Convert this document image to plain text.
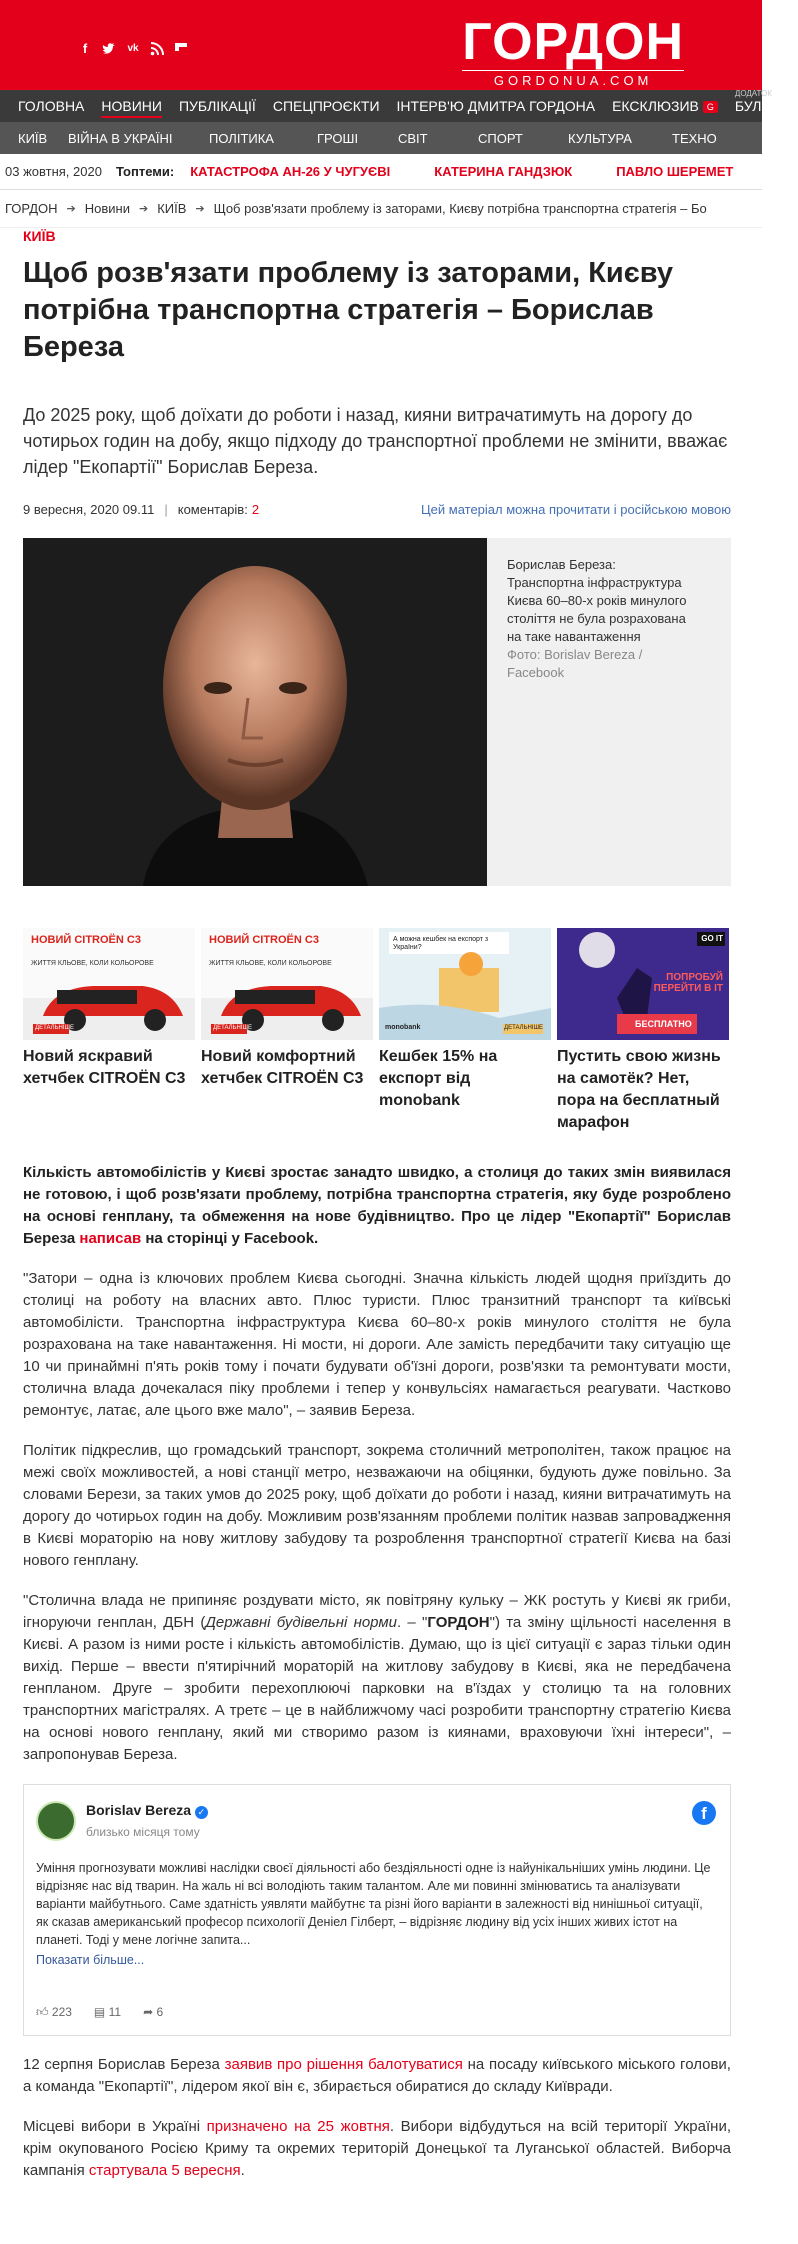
f	vk	ГОРДОН
GORDONUA.COM
ГОЛОВНА НОВИНИ ПУБЛІКАЦІЇ СПЕЦПРОЄКТИ ІНТЕРВ'Ю ДМИТРА ГОРДОНА ЕКСКЛЮЗИВ G
ДОДАТОК
БУЛЬВАР
КИЇВ	ВІЙНА В УКРАЇНІ	ПОЛІТИКА	ГРОШІ	СВІТ	СПОРТ	КУЛЬТУРА	ТЕХНО
03 жовтня, 2020 Топтеми: КАТАСТРОФА АН-26 У ЧУГУЄВІ	КАТЕРИНА ГАНДЗЮК	ПАВЛО ШЕРЕМЕТ
ГОРДОН ➔ Новини ➔ КИЇВ ➔ Щоб розв'язати проблему із заторами, Києву потрібна транспортна стратегія – Бо
КИЇВ
Щоб розв'язати проблему із заторами, Києву потрібна транспортна стратегія – Борислав Береза

До 2025 року, щоб доїхати до роботи і назад, кияни витрачатимуть на дорогу до чотирьох годин на добу, якщо підходу до транспортної проблеми не змінити, вважає лідер "Екопартії" Борислав Береза.

9 вересня, 2020 09.11 | коментарів: 2	Цей матеріал можна прочитати і російською мовою
Борислав Береза: Транспортна інфраструктура Києва 60–80-х років минулого століття не була розрахована на таке навантаження
Фото: Borislav Bereza / Facebook
НОВИЙ CITROËN C3
ЖИТТЯ КЛЬОВЕ, КОЛИ КОЛЬОРОВЕ
ДЕТАЛЬНІШЕ
Новий яскравий хетчбек CITROËN C3
НОВИЙ CITROËN C3
ЖИТТЯ КЛЬОВЕ, КОЛИ КОЛЬОРОВЕ
ДЕТАЛЬНІШЕ
Новий комфортний хетчбек CITROËN C3
А можна кешбек на експорт з України?
monobank	ДЕТАЛЬНІШЕ
Кешбек 15% на експорт від monobank
GO IT
ПОПРОБУЙ ПЕРЕЙТИ В IT
БЕСПЛАТНО
Пустить свою жизнь на самотёк? Нет, пора на бесплатный марафон

Кількість автомобілістів у Києві зростає занадто швидко, а столиця до таких змін виявилася не готовою, і щоб розв'язати проблему, потрібна транспортна стратегія, яку буде розроблено на основі генплану, та обмеження на нове будівництво. Про це лідер "Екопартії" Борислав Береза написав на сторінці у Facebook.

"Затори – одна із ключових проблем Києва сьогодні. Значна кількість людей щодня приїздить до столиці на роботу на власних авто. Плюс туристи. Плюс транзитний транспорт та київські автомобілісти. Транспортна інфраструктура Києва 60–80-х років минулого століття не була розрахована на таке навантаження. Ні мости, ні дороги. Але замість передбачити таку ситуацію ще 10 чи принаймні п'ять років тому і почати будувати об'їзні дороги, розв'язки та ремонтувати мости, столична влада дочекалася піку проблеми і тепер у конвульсіях намагається реагувати. Частково ремонтує, латає, але цього вже мало", – заявив Береза.

Політик підкреслив, що громадський транспорт, зокрема столичний метрополітен, також працює на межі своїх можливостей, а нові станції метро, незважаючи на обіцянки, будують дуже повільно. За словами Берези, за таких умов до 2025 року, щоб доїхати до роботи і назад, кияни витрачатимуть на дорогу до чотирьох годин на добу. Можливим розв'язанням проблеми політик назвав запровадження в Києві мораторію на нову житлову забудову та розроблення транспортної стратегії Києва на базі нового генплану.

"Столична влада не припиняє роздувати місто, як повітряну кульку – ЖК ростуть у Києві як гриби, ігноруючи генплан, ДБН (Державні будівельні норми. – "ГОРДОН") та зміну щільності населення в Києві. А разом із ними росте і кількість автомобілістів. Думаю, що із цієї ситуації є зараз тільки один вихід. Перше – ввести п'ятирічний мораторій на житлову забудову в Києві, яка не передбачена генпланом. Друге – зробити перехоплюючі парковки на в'їздах у столицю та на головних транспортних магістралях. А третє – це в найближчому часі розробити транспортну стратегію Києва на основі нового генплану, який ми створимо разом із киянами, враховуючи їхні інтереси", – запропонував Береза.

Borislav Bereza ✓
близько місяця тому
f
Уміння прогнозувати можливі наслідки своєї діяльності або бездіяльності одне із найунікальніших умінь людини. Це відрізняє нас від тварин. На жаль ні всі володіють таким талантом. Але ми повинні змінюватись та аналізувати варіанти майбутнього. Саме здатність уявляти майбутнє та різні його варіанти в залежності від нинішньої ситуації, як сказав американський професор психології Деніел Гілберт, – відрізняє людину від усіх інших живих істот на планеті. Тоді у мене логічне запита...
Показати більше...
👍︎ 223 ▤ 11 ➦ 6

12 серпня Борислав Береза заявив про рішення балотуватися на посаду київського міського голови, а команда "Екопартії", лідером якої він є, збирається обиратися до складу Київради.

Місцеві вибори в Україні призначено на 25 жовтня. Вибори відбудуться на всій території України, крім окупованого Росією Криму та окремих територій Донецької та Луганської областей. Виборча кампанія стартувала 5 вересня.
